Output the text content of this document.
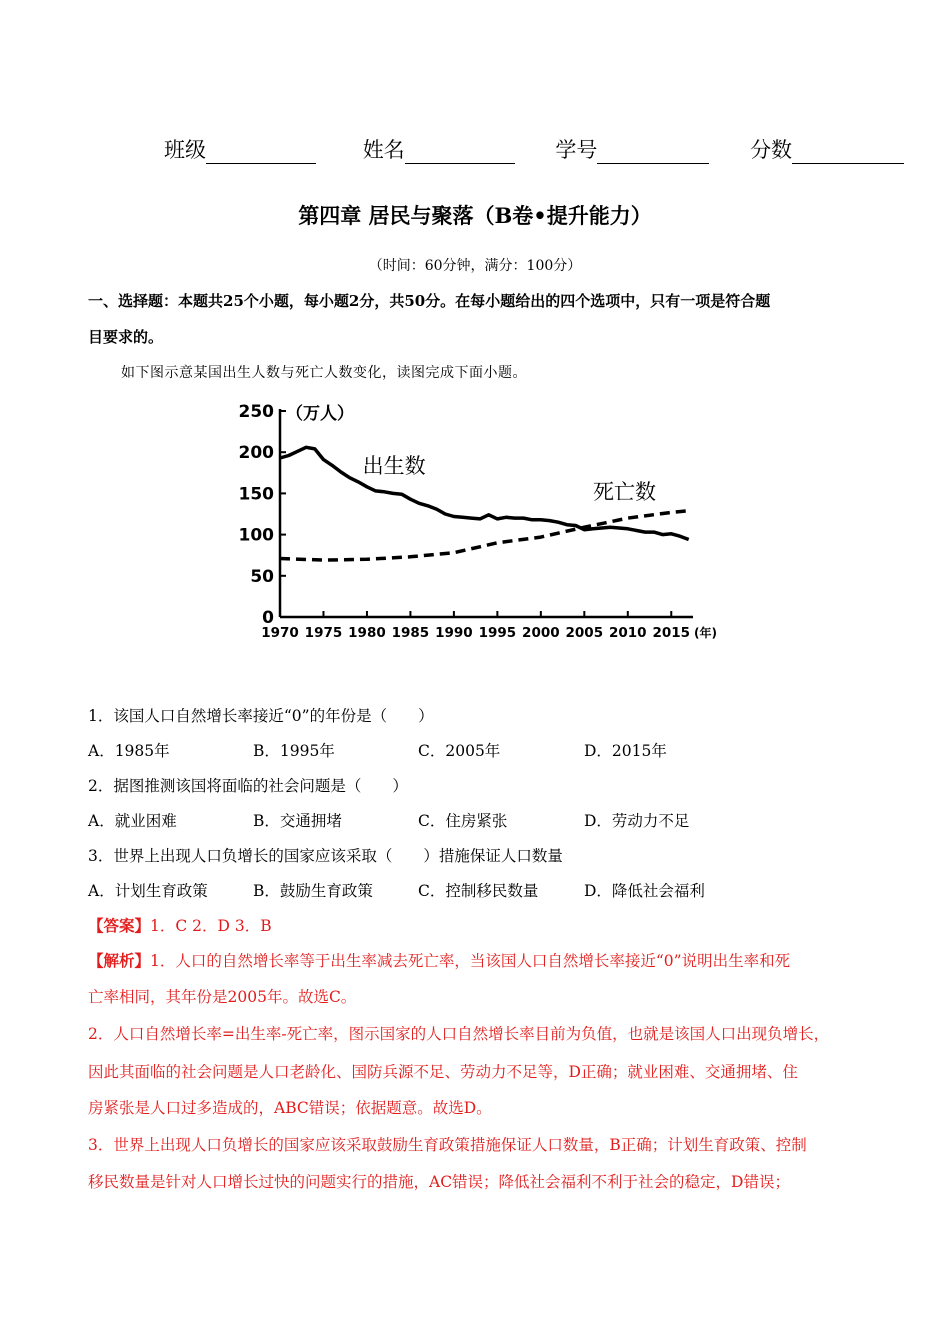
班级	姓名	学号	分数
第四章 居民与聚落（B卷•提升能力）
（时间：60分钟，满分：100分）
一、选择题：本题共25个小题，每小题2分，共50分。在每小题给出的四个选项中，只有一项是符合题
目要求的。
如下图示意某国出生人数与死亡人数变化，读图完成下面小题。
0
50
100
150
200
250
1970 1975 1980 1985 1990 1995 2000 2005 2010 2015
（万人）
(年)
出生数
死亡数
1．该国人口自然增长率接近“0”的年份是（　　）
A．1985年	B．1995年	C．2005年	D．2015年
2．据图推测该国将面临的社会问题是（　　）
A．就业困难	B．交通拥堵	C．住房紧张	D．劳动力不足
3．世界上出现人口负增长的国家应该采取（　　）措施保证人口数量
A．计划生育政策	B．鼓励生育政策	C．控制移民数量	D．降低社会福利
【答案】1．C 2．D 3．B
【解析】1．人口的自然增长率等于出生率减去死亡率，当该国人口自然增长率接近“0”说明出生率和死
亡率相同，其年份是2005年。故选C。
2．人口自然增长率=出生率-死亡率，图示国家的人口自然增长率目前为负值，也就是该国人口出现负增长，
因此其面临的社会问题是人口老龄化、国防兵源不足、劳动力不足等，D正确；就业困难、交通拥堵、住
房紧张是人口过多造成的，ABC错误；依据题意。故选D。
3．世界上出现人口负增长的国家应该采取鼓励生育政策措施保证人口数量，B正确；计划生育政策、控制
移民数量是针对人口增长过快的问题实行的措施，AC错误；降低社会福利不利于社会的稳定，D错误；
